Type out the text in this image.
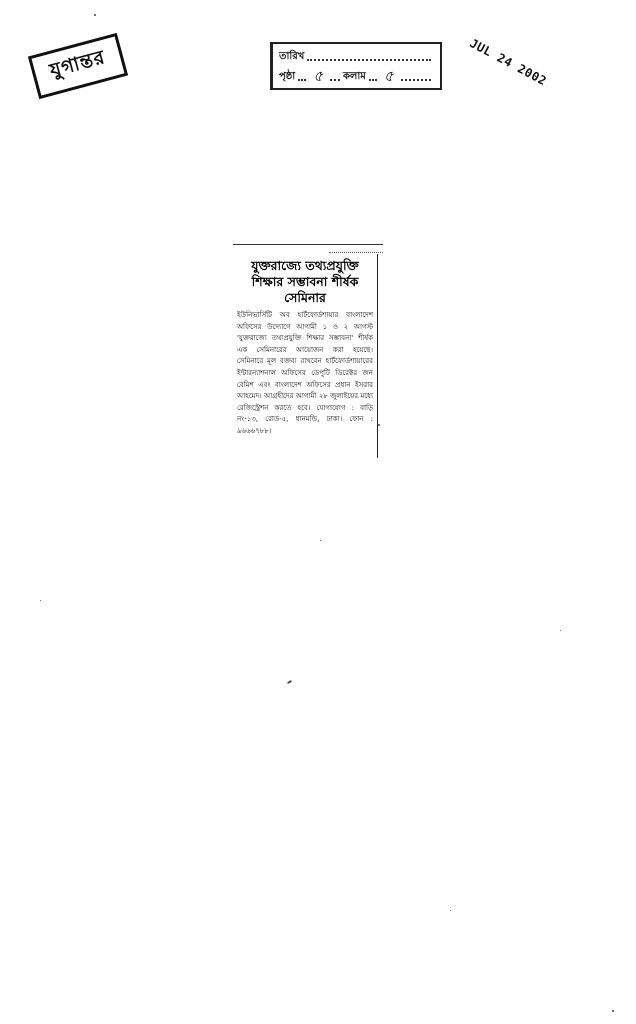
যুগান্তর	তারিখ
পৃষ্ঠা ৫ কলাম ৫	JUL 24 2002
যুক্তরাজ্যে তথ্যপ্রযুক্তি শিক্ষার সম্ভাবনা শীর্ষক সেমিনার

ইউনিভার্সিটি অব হার্টফোর্ডশায়ার বাংলাদেশ অফিসের উদ্যোগে আগামী ১ ও ২ আগস্ট 'যুক্তরাজ্যে তথ্যপ্রযুক্তি শিক্ষার সম্ভাবনা' শীর্ষক এক সেমিনারের আয়োজন করা হয়েছে। সেমিনারে মূল বক্তব্য রাখবেন হার্টফোর্ডশায়ারের ইন্টারন্যাশনাল অফিসের ডেপুটি ডিরেক্টর জন বেমিশ এবং বাংলাদেশ অফিসের প্রধান ইসরার আহমেদ। আগ্রহীদের আগামী ২৮ জুলাইয়ের মধ্যে রেজিস্ট্রেশন করতে হবে। যোগাযোগ : বাড়ি নং-১৩, রোড-৫, ধানমন্ডি, ঢাকা। ফোন : ৯৬৬৬৭৮৮।
